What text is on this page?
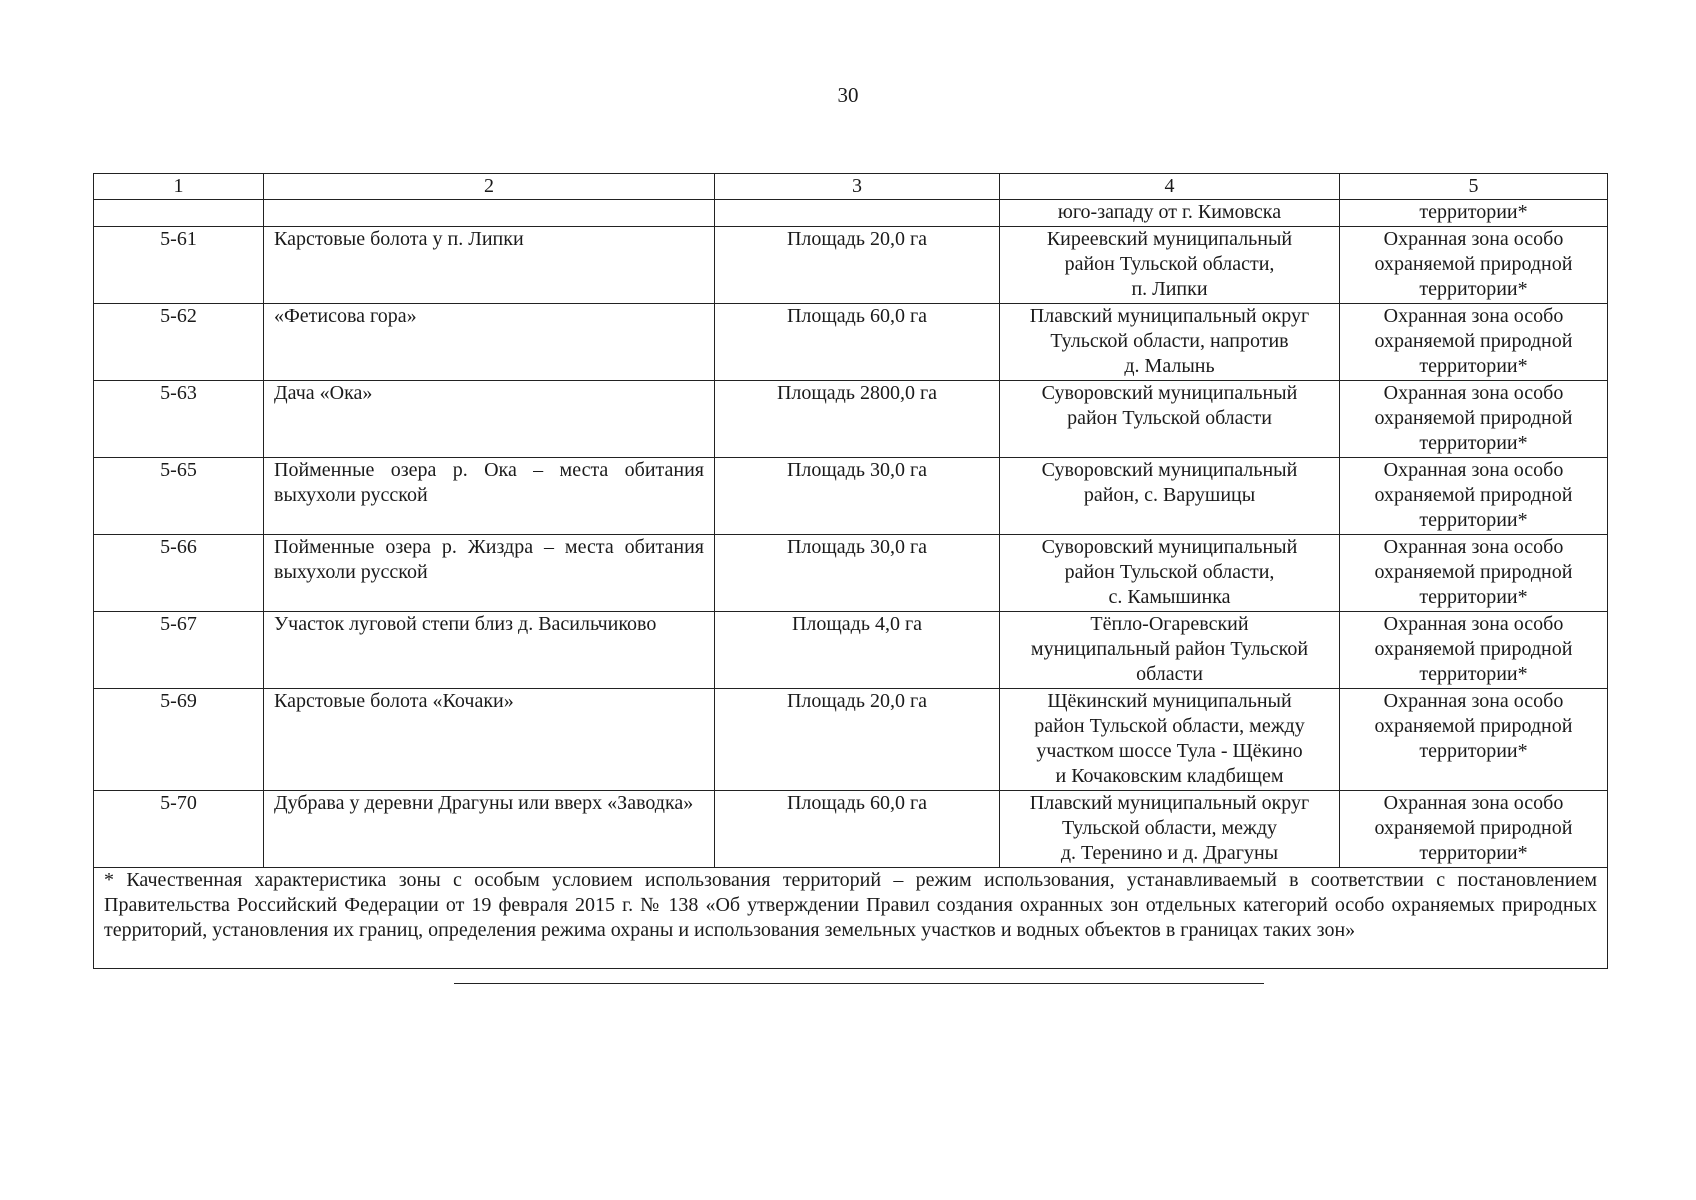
30
1	2	3	4	5
			юго-западу от г. Кимовска	территории*
5-61	Карстовые болота у п. Липки	Площадь 20,0 га	Киреевский муниципальный
район Тульской области,
п. Липки	Охранная зона особо
охраняемой природной
территории*

5-62	«Фетисова гора»	Площадь 60,0 га	Плавский муниципальный округ
Тульской области, напротив
д. Малынь	Охранная зона особо
охраняемой природной
территории*

5-63	Дача «Ока»	Площадь 2800,0 га	Суворовский муниципальный
район Тульской области	Охранная зона особо
охраняемой природной
территории*

5-65	Пойменные озера р. Ока – места обитания выхухоли русской	Площадь 30,0 га	Суворовский муниципальный
район, с. Варушицы	Охранная зона особо
охраняемой природной
территории*

5-66	Пойменные озера р. Жиздра – места обитания выхухоли русской	Площадь 30,0 га	Суворовский муниципальный
район Тульской области,
с. Камышинка	Охранная зона особо
охраняемой природной
территории*

5-67	Участок луговой степи близ д. Васильчиково	Площадь 4,0 га	Тёпло-Огаревский
муниципальный район Тульской
области	Охранная зона особо
охраняемой природной
территории*

5-69	Карстовые болота «Кочаки»	Площадь 20,0 га	Щёкинский муниципальный
район Тульской области, между
участком шоссе Тула - Щёкино
и Кочаковским кладбищем	Охранная зона особо
охраняемой природной
территории*

5-70	Дубрава у деревни Драгуны или вверх «Заводка»	Площадь 60,0 га	Плавский муниципальный округ
Тульской области, между
д. Теренино и д. Драгуны	Охранная зона особо
охраняемой природной
территории*

* Качественная характеристика зоны с особым условием использования территорий – режим использования, устанавливаемый в соответствии с постановлением Правительства Российский Федерации от 19 февраля 2015 г. № 138 «Об утверждении Правил создания охранных зон отдельных категорий особо охраняемых природных территорий, установления их границ, определения режима охраны и использования земельных участков и водных объектов в границах таких зон»				
